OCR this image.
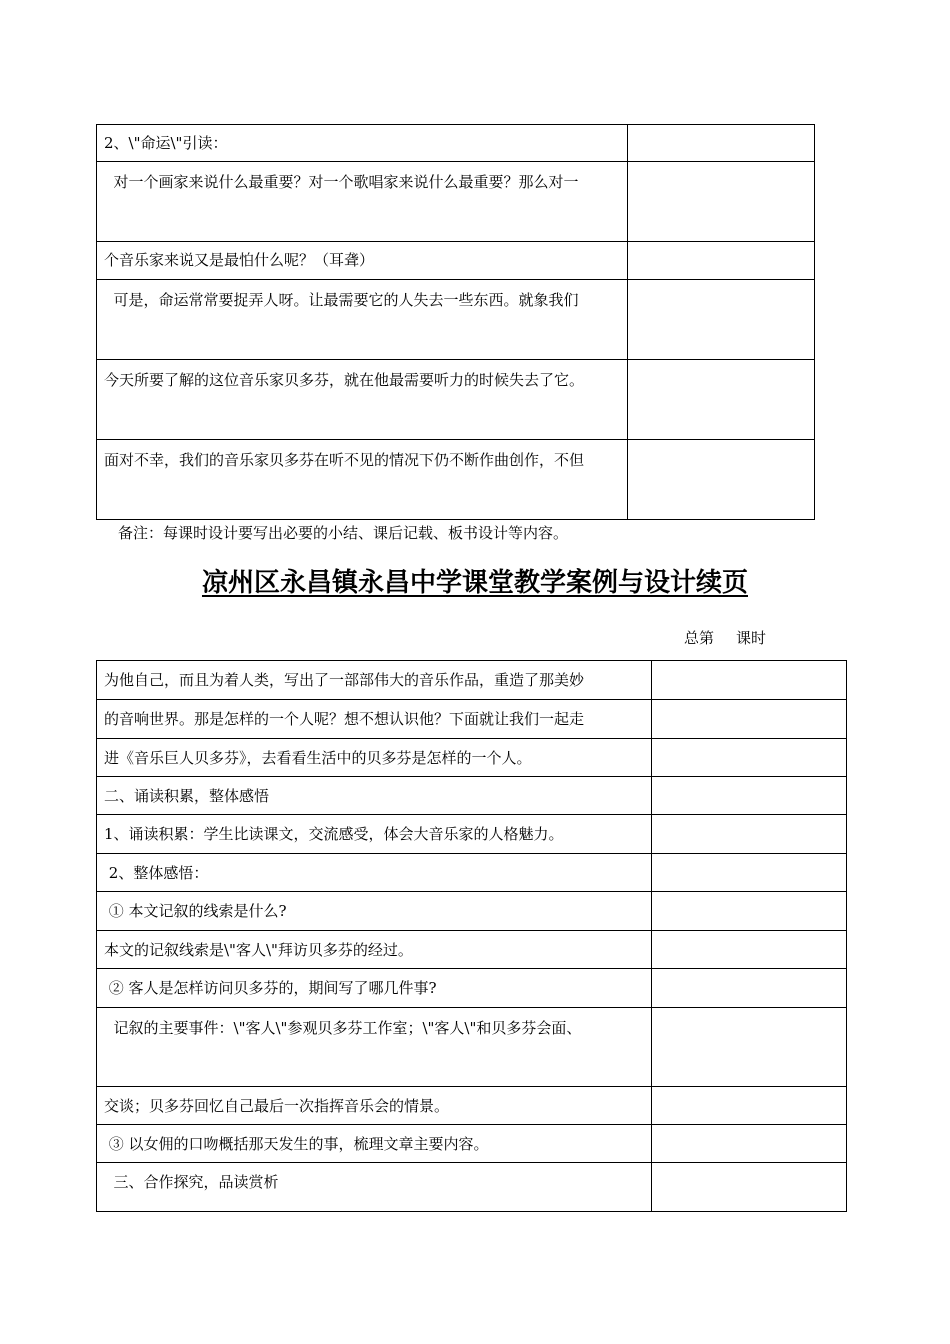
2、\"命运\"引读：	
对一个画家来说什么最重要？对一个歌唱家来说什么最重要？那么对一	
个音乐家来说又是最怕什么呢？（耳聋）	
可是，命运常常要捉弄人呀。让最需要它的人失去一些东西。就象我们	
今天所要了解的这位音乐家贝多芬，就在他最需要听力的时候失去了它。	
面对不幸，我们的音乐家贝多芬在听不见的情况下仍不断作曲创作，不但	
备注：每课时设计要写出必要的小结、课后记载、板书设计等内容。
凉州区永昌镇永昌中学课堂教学案例与设计续页
总第 课时
为他自己，而且为着人类，写出了一部部伟大的音乐作品，重造了那美妙	
的音响世界。那是怎样的一个人呢？想不想认识他？下面就让我们一起走	
进《音乐巨人贝多芬》，去看看生活中的贝多芬是怎样的一个人。	
二、诵读积累，整体感悟	
1、诵读积累：学生比读课文，交流感受，体会大音乐家的人格魅力。	
2、整体感悟：	
① 本文记叙的线索是什么?	
本文的记叙线索是\"客人\"拜访贝多芬的经过。	
② 客人是怎样访问贝多芬的，期间写了哪几件事?	
记叙的主要事件：\"客人\"参观贝多芬工作室；\"客人\"和贝多芬会面、	
交谈；贝多芬回忆自己最后一次指挥音乐会的情景。	
③ 以女佣的口吻概括那天发生的事，梳理文章主要内容。	
三、合作探究，品读赏析	
